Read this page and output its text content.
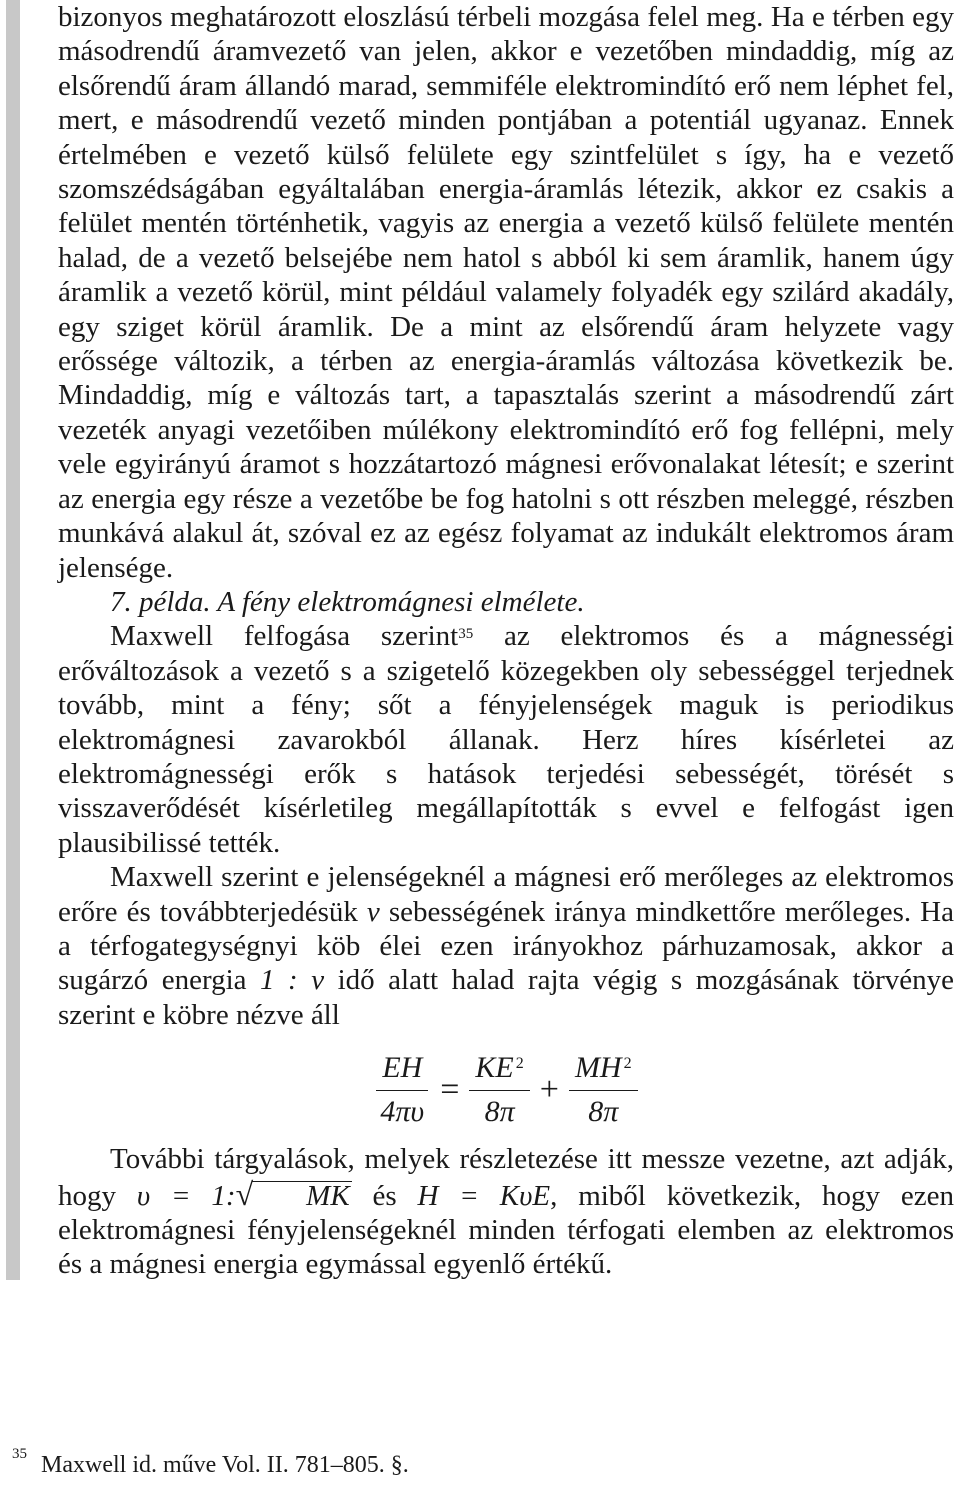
bizonyos meghatározott eloszlású térbeli mozgása felel meg. Ha e térben egy másodrendű áramvezető van jelen, akkor e vezetőben mindaddig, míg az elsőrendű áram állandó marad, semmiféle elektromindító erő nem léphet fel, mert, e másodrendű vezető minden pontjában a potentiál ugyanaz. Ennek értelmében e vezető külső felülete egy szintfelület s így, ha e vezető szomszédságában egyáltalában energia-áramlás létezik, akkor ez csakis a felület mentén történhetik, vagyis az energia a vezető külső felülete mentén halad, de a vezető belsejébe nem hatol s abból ki sem áramlik, hanem úgy áramlik a vezető körül, mint például valamely folyadék egy szilárd akadály, egy sziget körül áramlik. De a mint az elsőrendű áram helyzete vagy erőssége változik, a térben az energia-áramlás változása következik be. Mindaddig, míg e változás tart, a tapasztalás szerint a másodrendű zárt vezeték anyagi vezetőiben múlékony elektromindító erő fog fellépni, mely vele egyirányú áramot s hozzátartozó mágnesi erővonalakat létesít; e szerint az energia egy része a vezetőbe be fog hatolni s ott részben meleggé, részben munkává alakul át, szóval ez az egész folyamat az indukált elektromos áram jelensége.

7. példa. A fény elektromágnesi elmélete.

Maxwell felfogása szerint$^{35}$ az elektromos és a mágnességi erőváltozások a vezető s a szigetelő közegekben oly sebességgel terjednek tovább, mint a fény; sőt a fényjelenségek maguk is periodikus elektromágnesi zavarokból állanak. Herz híres kísérletei az elektromágnességi erők s hatások terjedési sebességét, törését s visszaverődését kísérletileg megállapították s evvel e felfogást igen plausibilissé tették.

Maxwell szerint e jelenségeknél a mágnesi erő merőleges az elektromos erőre és továbbterjedésük v sebességének iránya mindkettőre merőleges. Ha a térfogategységnyi köb élei ezen irányokhoz párhuzamosak, akkor a sugárzó energia 1 : v idő alatt halad rajta végig s mozgásának törvénye szerint e köbre nézve áll

$\frac{EH}{4\pi\upsilon} = \frac{KE ^2}{8\pi} + \frac{MH ^2}{8\pi}$

További tárgyalások, melyek részletezése itt messze vezetne, azt adják, hogy υ = 1:√ MK és H = KυE, miből következik, hogy ezen elektromágnesi fényjelenségeknél minden térfogati elemben az elektromos és a mágnesi energia egymással egyenlő értékű.

$^{35}$ Maxwell id. műve Vol. II. 781–805. §.
